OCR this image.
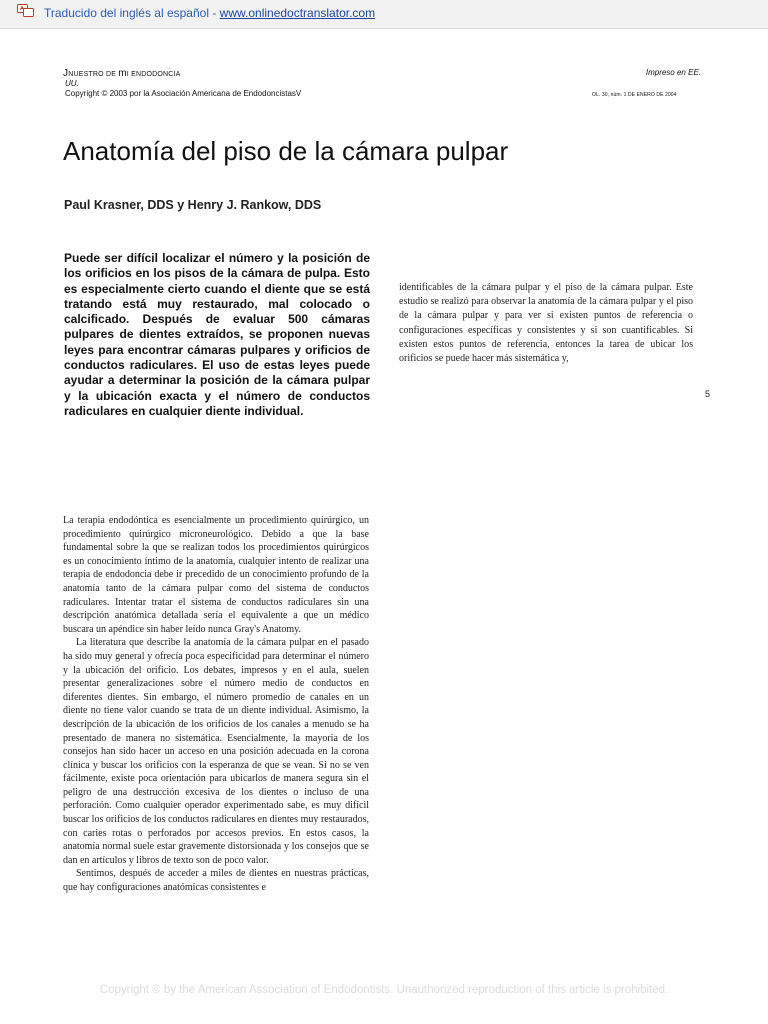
Traducido del inglés al español - www.onlinedoctranslator.com
JNUESTRO DE mI ENDODONCIA
UU.
Copyright © 2003 por la Asociación Americana de EndodoncistasV
Impreso en EE.
OL. 30, núm. 1 DE ENERO DE 2004
Anatomía del piso de la cámara pulpar
Paul Krasner, DDS y Henry J. Rankow, DDS

Puede ser difícil localizar el número y la posición de los orificios en los pisos de la cámara de pulpa. Esto es especialmente cierto cuando el diente que se está tratando está muy restaurado, mal colocado o calcificado. Después de evaluar 500 cámaras pulpares de dientes extraídos, se proponen nuevas leyes para encontrar cámaras pulpares y orificios de conductos radiculares. El uso de estas leyes puede ayudar a determinar la posición de la cámara pulpar y la ubicación exacta y el número de conductos radiculares en cualquier diente individual.

identificables de la cámara pulpar y el piso de la cámara pulpar. Este estudio se realizó para observar la anatomía de la cámara pulpar y el piso de la cámara pulpar y para ver si existen puntos de referencia o configuraciones específicas y consistentes y si son cuantificables. Si existen estos puntos de referencia, entonces la tarea de ubicar los orificios se puede hacer más sistemática y,

5

La terapia endodóntica es esencialmente un procedimiento quirúrgico, un procedimiento quirúrgico microneurológico. Debido a que la base fundamental sobre la que se realizan todos los procedimientos quirúrgicos es un conocimiento íntimo de la anatomía, cualquier intento de realizar una terapia de endodoncia debe ir precedido de un conocimiento profundo de la anatomía tanto de la cámara pulpar como del sistema de conductos radiculares. Intentar tratar el sistema de conductos radiculares sin una descripción anatómica detallada sería el equivalente a que un médico buscara un apéndice sin haber leído nunca Gray's Anatomy.

La literatura que describe la anatomía de la cámara pulpar en el pasado ha sido muy general y ofrecía poca especificidad para determinar el número y la ubicación del orificio. Los debates, impresos y en el aula, suelen presentar generalizaciones sobre el número medio de conductos en diferentes dientes. Sin embargo, el número promedio de canales en un diente no tiene valor cuando se trata de un diente individual. Asimismo, la descripción de la ubicación de los orificios de los canales a menudo se ha presentado de manera no sistemática. Esencialmente, la mayoría de los consejos han sido hacer un acceso en una posición adecuada en la corona clínica y buscar los orificios con la esperanza de que se vean. Si no se ven fácilmente, existe poca orientación para ubicarlos de manera segura sin el peligro de una destrucción excesiva de los dientes o incluso de una perforación. Como cualquier operador experimentado sabe, es muy difícil buscar los orificios de los conductos radiculares en dientes muy restaurados, con caries rotas o perforados por accesos previos. En estos casos, la anatomía normal suele estar gravemente distorsionada y los consejos que se dan en artículos y libros de texto son de poco valor.

Sentimos, después de acceder a miles de dientes en nuestras prácticas, que hay configuraciones anatómicas consistentes e

Copyright © by the American Association of Endodontists. Unauthorized reproduction of this article is prohibited.
